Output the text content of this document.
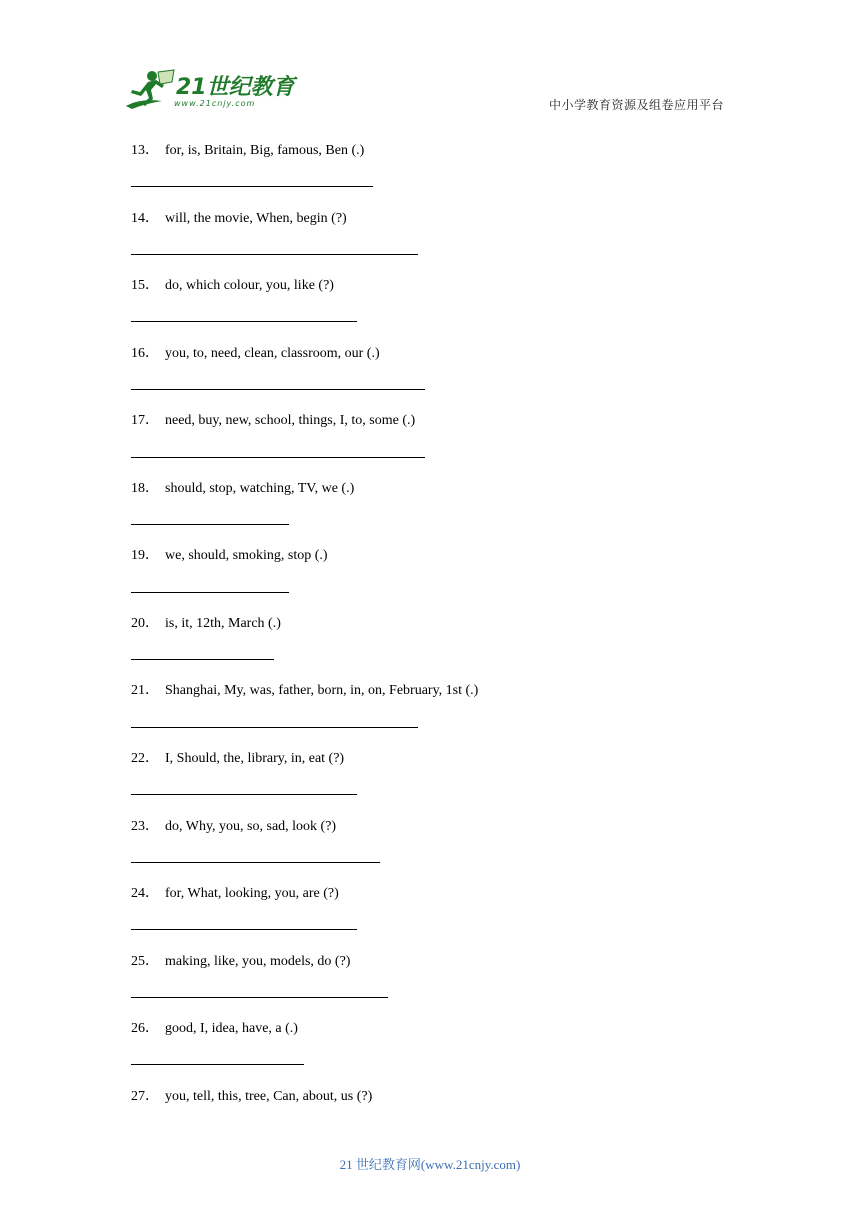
21世纪教育
www.21cnjy.com	中小学教育资源及组卷应用平台
13． for, is, Britain, Big, famous, Ben (.)
14． will, the movie, When, begin (?)
15． do, which colour, you, like (?)
16． you, to, need, clean, classroom, our (.)
17． need, buy, new, school, things, I, to, some (.)
18． should, stop, watching, TV, we (.)
19． we, should, smoking, stop (.)
20． is, it, 12th, March (.)
21． Shanghai, My, was, father, born, in, on, February, 1st (.)
22． I, Should, the, library, in, eat (?)
23． do, Why, you, so, sad, look (?)
24． for, What, looking, you, are (?)
25． making, like, you, models, do (?)
26． good, I, idea, have, a (.)
27． you, tell, this, tree, Can, about, us (?)
21 世纪教育网(www.21cnjy.com)
